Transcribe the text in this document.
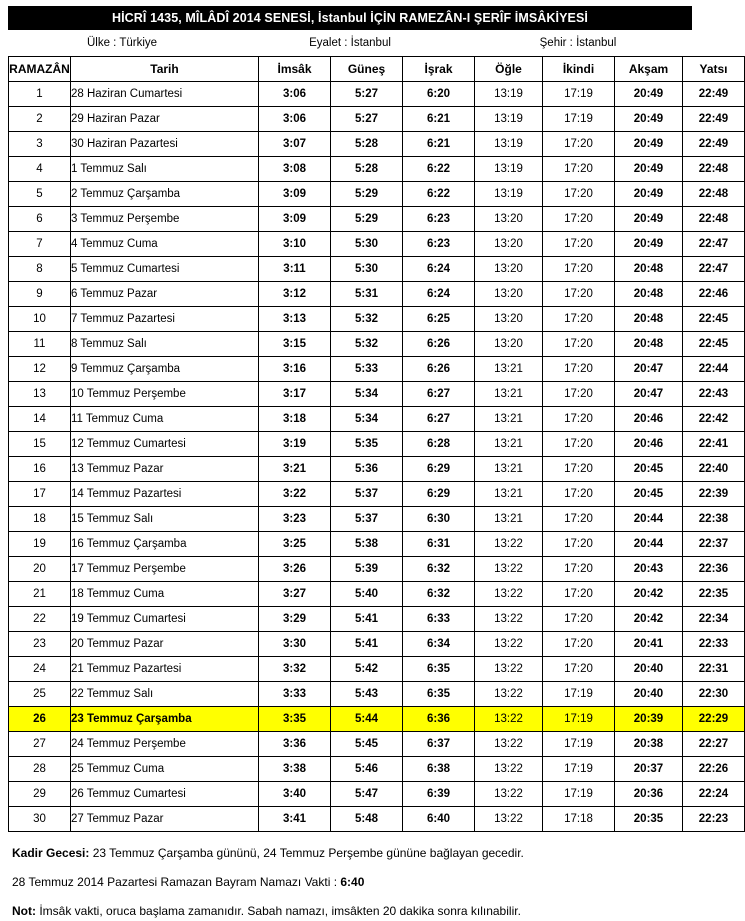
HİCRÎ 1435, MÎLÂDÎ 2014 SENESİ, İstanbul İÇİN RAMEZÂN-I ŞERÎF İMSÂKİYESİ
Ülke : Türkiye	Eyalet : İstanbul	Şehir : İstanbul
RAMAZÂN	Tarih	İmsâk	Güneş	İşrak	Öğle	İkindi	Akşam	Yatsı
1	28 Haziran Cumartesi	3:06	5:27	6:20	13:19	17:19	20:49	22:49
2	29 Haziran Pazar	3:06	5:27	6:21	13:19	17:19	20:49	22:49
3	30 Haziran Pazartesi	3:07	5:28	6:21	13:19	17:20	20:49	22:49
4	1 Temmuz Salı	3:08	5:28	6:22	13:19	17:20	20:49	22:48
5	2 Temmuz Çarşamba	3:09	5:29	6:22	13:19	17:20	20:49	22:48
6	3 Temmuz Perşembe	3:09	5:29	6:23	13:20	17:20	20:49	22:48
7	4 Temmuz Cuma	3:10	5:30	6:23	13:20	17:20	20:49	22:47
8	5 Temmuz Cumartesi	3:11	5:30	6:24	13:20	17:20	20:48	22:47
9	6 Temmuz Pazar	3:12	5:31	6:24	13:20	17:20	20:48	22:46
10	7 Temmuz Pazartesi	3:13	5:32	6:25	13:20	17:20	20:48	22:45
11	8 Temmuz Salı	3:15	5:32	6:26	13:20	17:20	20:48	22:45
12	9 Temmuz Çarşamba	3:16	5:33	6:26	13:21	17:20	20:47	22:44
13	10 Temmuz Perşembe	3:17	5:34	6:27	13:21	17:20	20:47	22:43
14	11 Temmuz Cuma	3:18	5:34	6:27	13:21	17:20	20:46	22:42
15	12 Temmuz Cumartesi	3:19	5:35	6:28	13:21	17:20	20:46	22:41
16	13 Temmuz Pazar	3:21	5:36	6:29	13:21	17:20	20:45	22:40
17	14 Temmuz Pazartesi	3:22	5:37	6:29	13:21	17:20	20:45	22:39
18	15 Temmuz Salı	3:23	5:37	6:30	13:21	17:20	20:44	22:38
19	16 Temmuz Çarşamba	3:25	5:38	6:31	13:22	17:20	20:44	22:37
20	17 Temmuz Perşembe	3:26	5:39	6:32	13:22	17:20	20:43	22:36
21	18 Temmuz Cuma	3:27	5:40	6:32	13:22	17:20	20:42	22:35
22	19 Temmuz Cumartesi	3:29	5:41	6:33	13:22	17:20	20:42	22:34
23	20 Temmuz Pazar	3:30	5:41	6:34	13:22	17:20	20:41	22:33
24	21 Temmuz Pazartesi	3:32	5:42	6:35	13:22	17:20	20:40	22:31
25	22 Temmuz Salı	3:33	5:43	6:35	13:22	17:19	20:40	22:30
26	23 Temmuz Çarşamba	3:35	5:44	6:36	13:22	17:19	20:39	22:29
27	24 Temmuz Perşembe	3:36	5:45	6:37	13:22	17:19	20:38	22:27
28	25 Temmuz Cuma	3:38	5:46	6:38	13:22	17:19	20:37	22:26
29	26 Temmuz Cumartesi	3:40	5:47	6:39	13:22	17:19	20:36	22:24
30	27 Temmuz Pazar	3:41	5:48	6:40	13:22	17:18	20:35	22:23

Kadir Gecesi: 23 Temmuz Çarşamba gününü, 24 Temmuz Perşembe gününe bağlayan gecedir.

28 Temmuz 2014 Pazartesi Ramazan Bayram Namazı Vakti : 6:40

Not: İmsâk vakti, oruca başlama zamanıdır. Sabah namazı, imsâkten 20 dakika sonra kılınabilir.
